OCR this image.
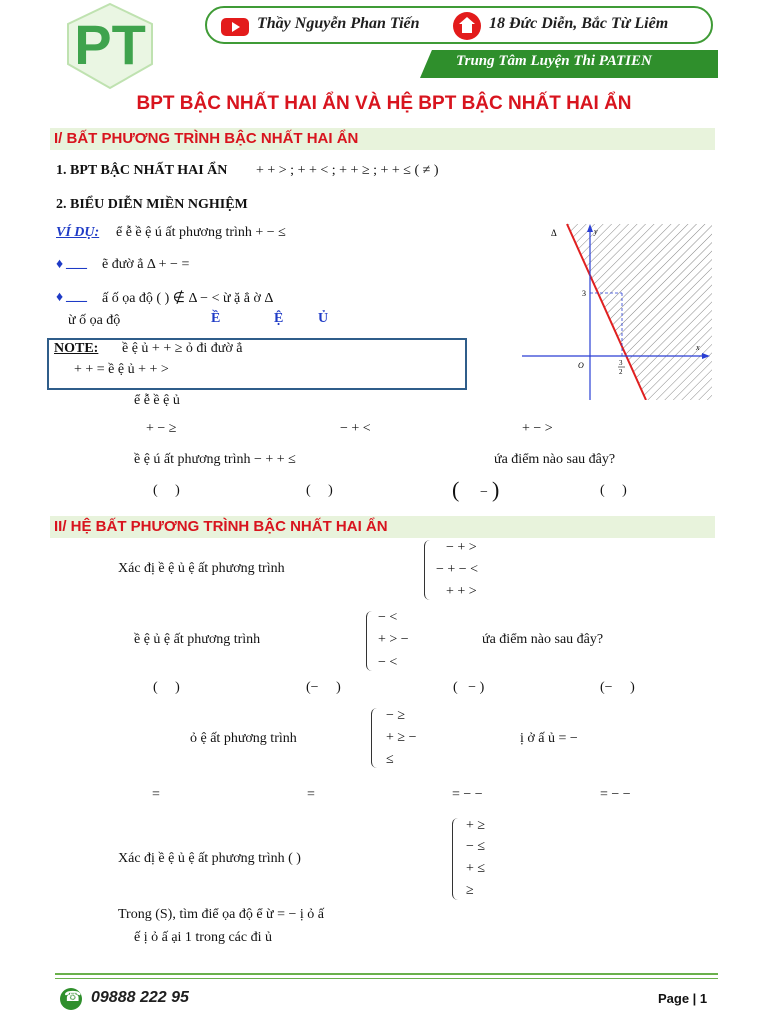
PT	Thầy Nguyễn Phan Tiến	18 Đức Diễn, Bắc Từ Liêm
Trung Tâm Luyện Thi PATIEN
BPT BẬC NHẤT HAI ẨN VÀ HỆ BPT BẬC NHẤT HAI ẨN
I/ BẤT PHƯƠNG TRÌNH BẬC NHẤT HAI ẨN
1. BPT BẬC NHẤT HAI ẨN + + > ; + + < ; + + ≥ ; + + ≤ ( ≠ )
2. BIỂU DIỄN MIỀN NGHIỆM
VÍ DỤ: ể ễ ề ệ ú ất phương trình + − ≤
♦ ___ ẽ đườ ẳ Δ + − =
♦ ___ ấ ố ọa độ ( ) ∉ Δ − < ừ ặ ẳ ờ Δ
ừ ố ọa độ	Ề	Ệ Ủ
NOTE: ề ệ ủ + + ≥ ỏ đi đườ ẳ
+ + = ề ệ ủ + + >
ể ễ ề ệ ủ
+ − ≥	− + <	+ − >
ề ệ ú ất phương trình − + + ≤	ứa điểm nào sau đây?
(     )	(     )	( − )	(     )
y
x
O
3
3
2
Δ
II/ HỆ BẤT PHƯƠNG TRÌNH BẬC NHẤT HAI ẨN
Xác đị ề ệ ủ ệ ất phương trình
− + >
− + − <
+ + >
ề ệ ủ ệ ất phương trình
− <
+ > −
− <
ứa điểm nào sau đây?
(     )	(−     )	(   − )	(−     )
ỏ ệ ất phương trình
− ≥
+ ≥ −
≤
ị ở ấ ủ = −
=	=	= − −	= − −
Xác đị ề ệ ủ ệ ất phương trình ( )
+ ≥
− ≤
+ ≤
≥
Trong (S), tìm điể ọa độ ể ừ = − ị ỏ ấ
ế ị ỏ ấ ại 1 trong các đi ủ
☎
09888 222 95	Page | 1
